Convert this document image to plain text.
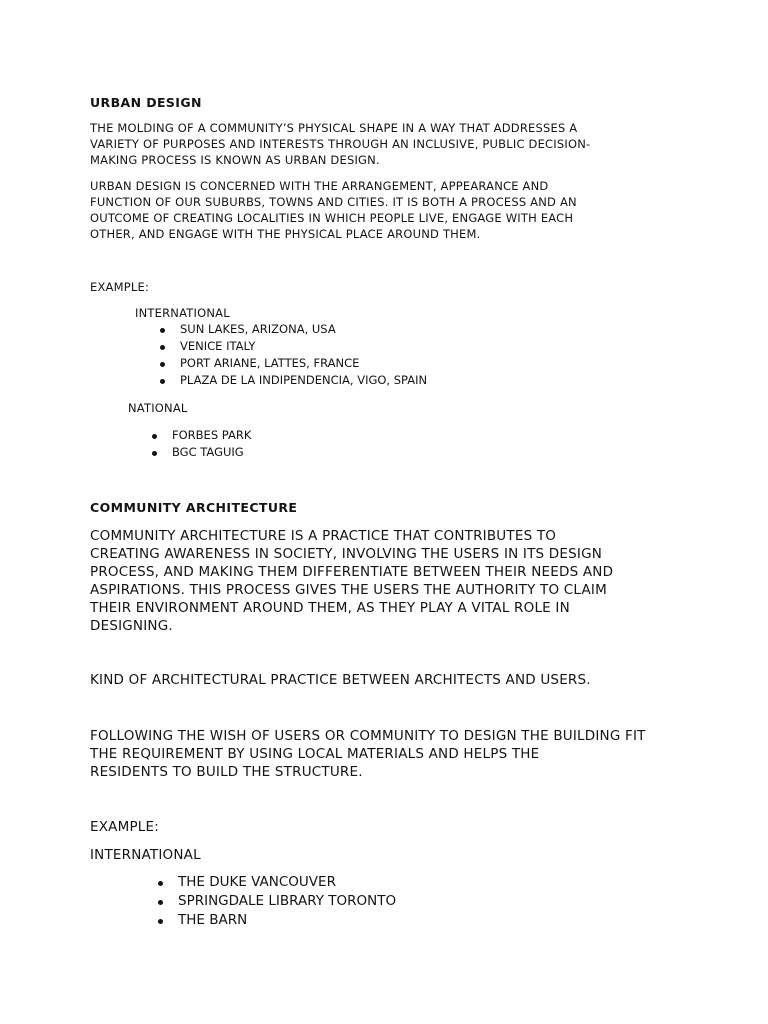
URBAN DESIGN
THE MOLDING OF A COMMUNITY’S PHYSICAL SHAPE IN A WAY THAT ADDRESSES A
VARIETY OF PURPOSES AND INTERESTS THROUGH AN INCLUSIVE, PUBLIC DECISION-
MAKING PROCESS IS KNOWN AS URBAN DESIGN.
URBAN DESIGN IS CONCERNED WITH THE ARRANGEMENT, APPEARANCE AND
FUNCTION OF OUR SUBURBS, TOWNS AND CITIES. IT IS BOTH A PROCESS AND AN
OUTCOME OF CREATING LOCALITIES IN WHICH PEOPLE LIVE, ENGAGE WITH EACH
OTHER, AND ENGAGE WITH THE PHYSICAL PLACE AROUND THEM.
EXAMPLE:
INTERNATIONAL
SUN LAKES, ARIZONA, USA
VENICE ITALY
PORT ARIANE, LATTES, FRANCE
PLAZA DE LA INDIPENDENCIA, VIGO, SPAIN
NATIONAL
FORBES PARK
BGC TAGUIG
COMMUNITY ARCHITECTURE
COMMUNITY ARCHITECTURE IS A PRACTICE THAT CONTRIBUTES TO
CREATING AWARENESS IN SOCIETY, INVOLVING THE USERS IN ITS DESIGN
PROCESS, AND MAKING THEM DIFFERENTIATE BETWEEN THEIR NEEDS AND
ASPIRATIONS. THIS PROCESS GIVES THE USERS THE AUTHORITY TO CLAIM
THEIR ENVIRONMENT AROUND THEM, AS THEY PLAY A VITAL ROLE IN
DESIGNING.
KIND OF ARCHITECTURAL PRACTICE BETWEEN ARCHITECTS AND USERS.
FOLLOWING THE WISH OF USERS OR COMMUNITY TO DESIGN THE BUILDING FIT
THE REQUIREMENT BY USING LOCAL MATERIALS AND HELPS THE
RESIDENTS TO BUILD THE STRUCTURE.
EXAMPLE:
INTERNATIONAL
THE DUKE VANCOUVER
SPRINGDALE LIBRARY TORONTO
THE BARN
